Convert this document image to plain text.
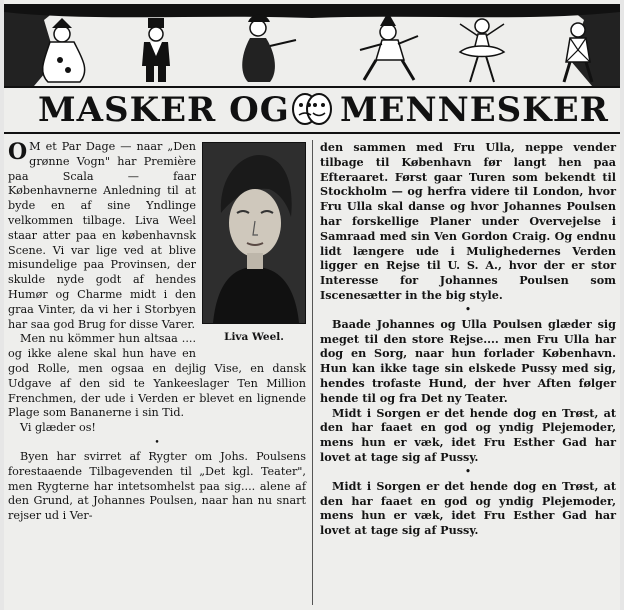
MASKER OG MENNESKER
Liva Weel.

O M et Par Dage — naar „Den grønne Vogn" har Première paa Scala — faar Københavnerne Anledning til at byde en af sine Yndlinge velkommen tilbage. Liva Weel staar atter paa en københavnsk Scene. Vi var lige ved at blive misundelige paa Provinsen, der skulde nyde godt af hendes Humør og Charme midt i den graa Vinter, da vi her i Storbyen har saa god Brug for disse Varer.

Men nu kömmer hun altsaa .... og ikke alene skal hun have en god Rolle, men ogsaa en dejlig Vise, en dansk Udgave af den sid te Yankeeslager Ten Million Frenchmen, der ude i Verden er blevet en lignende Plage som Bananerne i sin Tid.

Vi glæder os!

•

Byen har svirret af Rygter om Johs. Poulsens forestaaende Tilbagevenden til „Det kgl. Teater", men Rygterne har intetsomhelst paa sig.... alene af den Grund, at Johannes Poulsen, naar han nu snart rejser ud i Ver-

den sammen med Fru Ulla, neppe vender tilbage til København før langt hen paa Efteraaret. Først gaar Turen som bekendt til Stockholm — og herfra videre til London, hvor Fru Ulla skal danse og hvor Johannes Poulsen har forskellige Planer under Overvejelse i Samraad med sin Ven Gordon Craig. Og endnu lidt længere ude i Mulighedernes Verden ligger en Rejse til U. S. A., hvor der er stor Interesse for Johannes Poulsen som Iscenesætter in the big style.

•

Baade Johannes og Ulla Poulsen glæder sig meget til den store Rejse.... men Fru Ulla har dog en Sorg, naar hun forlader København. Hun kan ikke tage sin elskede Pussy med sig, hendes trofaste Hund, der hver Aften følger hende til og fra Det ny Teater.

Midt i Sorgen er det hende dog en Trøst, at den har faaet en god og yndig Plejemoder, mens hun er væk, idet Fru Esther Gad har lovet at tage sig af Pussy.

•

Midt i Sorgen er det hende dog en Trøst, at den har faaet en god og yndig Plejemoder, mens hun er væk, idet Fru Esther Gad har lovet at tage sig af Pussy.
